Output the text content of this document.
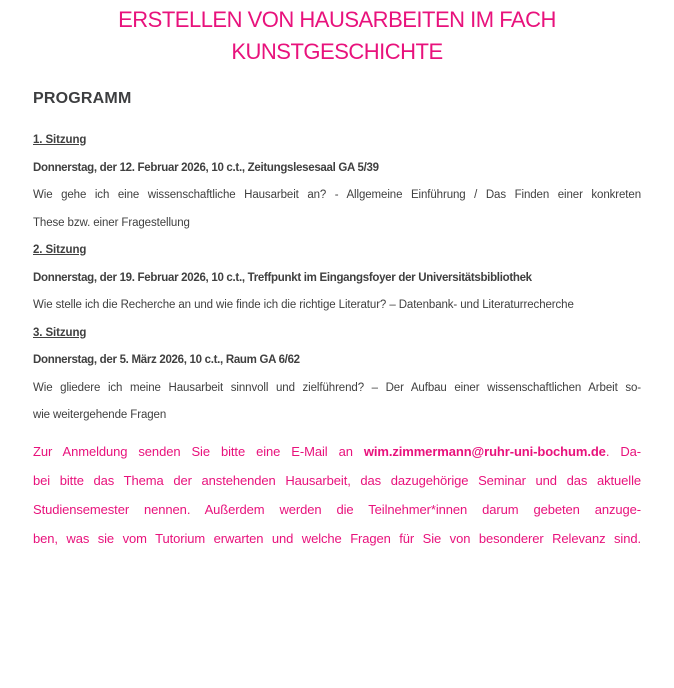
ERSTELLEN VON HAUSARBEITEN IM FACH
KUNSTGESCHICHTE
PROGRAMM
1. Sitzung
Donnerstag, der 12. Februar 2026, 10 c.t., Zeitungslesesaal GA 5/39
Wie gehe ich eine wissenschaftliche Hausarbeit an? - Allgemeine Einführung / Das Finden einer konkreten
These bzw. einer Fragestellung
2. Sitzung
Donnerstag, der 19. Februar 2026, 10 c.t., Treffpunkt im Eingangsfoyer der Universitätsbibliothek
Wie stelle ich die Recherche an und wie finde ich die richtige Literatur? – Datenbank- und Literaturrecherche
3. Sitzung
Donnerstag, der 5. März 2026, 10 c.t., Raum GA 6/62
Wie gliedere ich meine Hausarbeit sinnvoll und zielführend? – Der Aufbau einer wissenschaftlichen Arbeit so-
wie weitergehende Fragen
Zur Anmeldung senden Sie bitte eine E-Mail an wim.zimmermann@ruhr-uni-bochum.de. Da-
bei bitte das Thema der anstehenden Hausarbeit, das dazugehörige Seminar und das aktuelle
Studiensemester nennen. Außerdem werden die Teilnehmer*innen darum gebeten anzuge-
ben, was sie vom Tutorium erwarten und welche Fragen für Sie von besonderer Relevanz sind.
